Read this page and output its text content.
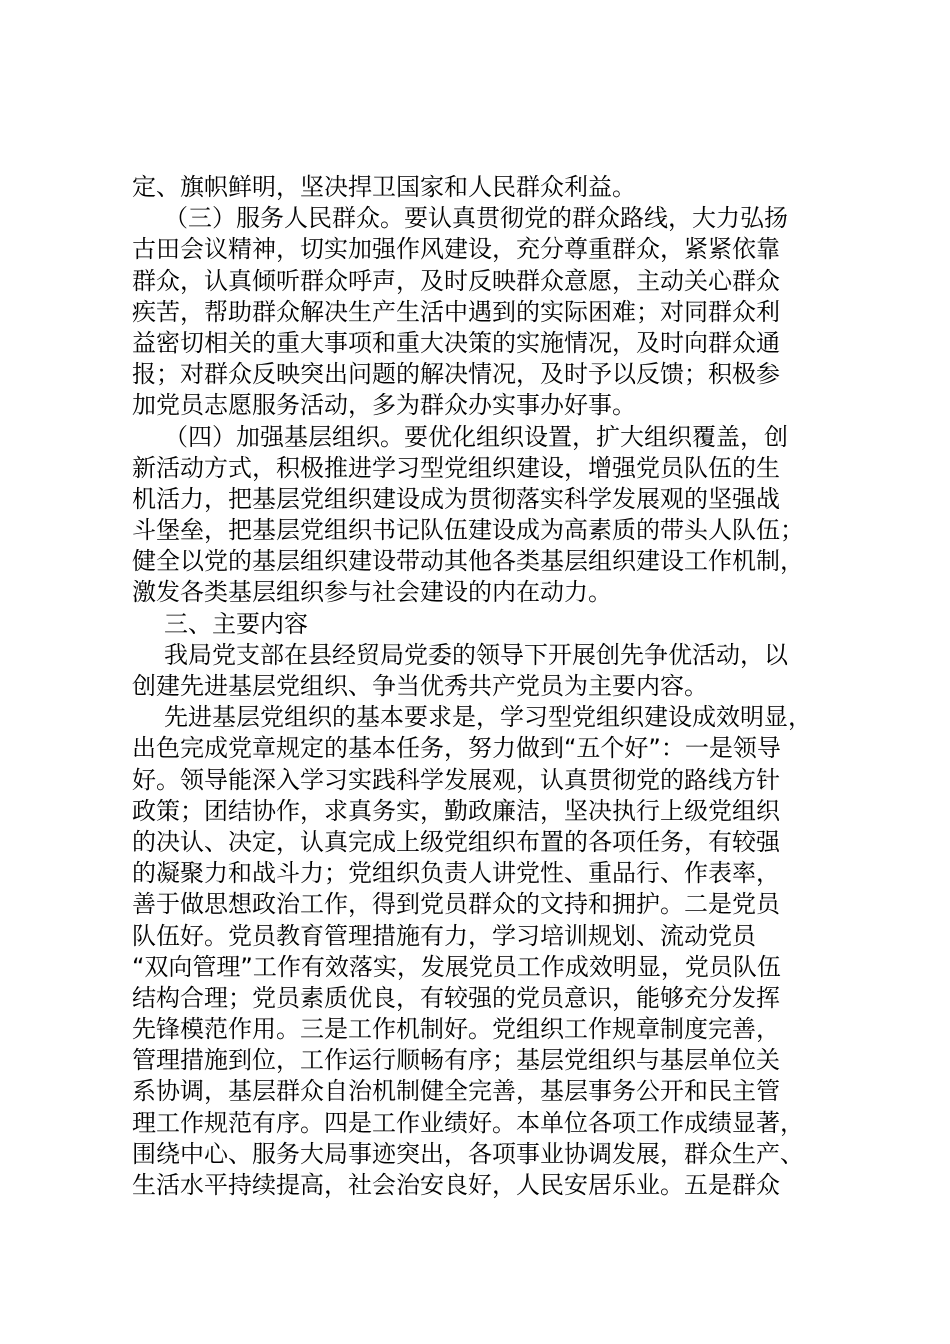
定、旗帜鲜明，坚决捍卫国家和人民群众利益。
（三）服务人民群众。要认真贯彻党的群众路线，大力弘扬
古田会议精神，切实加强作风建设，充分尊重群众，紧紧依靠
群众，认真倾听群众呼声，及时反映群众意愿，主动关心群众
疾苦，帮助群众解决生产生活中遇到的实际困难；对同群众利
益密切相关的重大事项和重大决策的实施情况，及时向群众通
报；对群众反映突出问题的解决情况，及时予以反馈；积极参
加党员志愿服务活动，多为群众办实事办好事。
（四）加强基层组织。要优化组织设置，扩大组织覆盖，创
新活动方式，积极推进学习型党组织建设，增强党员队伍的生
机活力，把基层党组织建设成为贯彻落实科学发展观的坚强战
斗堡垒，把基层党组织书记队伍建设成为高素质的带头人队伍；
健全以党的基层组织建设带动其他各类基层组织建设工作机制，
激发各类基层组织参与社会建设的内在动力。
三、主要内容
我局党支部在县经贸局党委的领导下开展创先争优活动，以
创建先进基层党组织、争当优秀共产党员为主要内容。
先进基层党组织的基本要求是，学习型党组织建设成效明显，
出色完成党章规定的基本任务，努力做到“五个好”：一是领导
好。领导能深入学习实践科学发展观，认真贯彻党的路线方针
政策；团结协作，求真务实，勤政廉洁，坚决执行上级党组织
的决认、决定，认真完成上级党组织布置的各项任务，有较强
的凝聚力和战斗力；党组织负责人讲党性、重品行、作表率，
善于做思想政治工作，得到党员群众的文持和拥护。二是党员
队伍好。党员教育管理措施有力，学习培训规划、流动党员
“双向管理”工作有效落实，发展党员工作成效明显，党员队伍
结构合理；党员素质优良，有较强的党员意识，能够充分发挥
先锋模范作用。三是工作机制好。党组织工作规章制度完善，
管理措施到位，工作运行顺畅有序；基层党组织与基层单位关
系协调，基层群众自治机制健全完善，基层事务公开和民主管
理工作规范有序。四是工作业绩好。本单位各项工作成绩显著，
围绕中心、服务大局事迹突出，各项事业协调发展，群众生产、
生活水平持续提高，社会治安良好，人民安居乐业。五是群众
